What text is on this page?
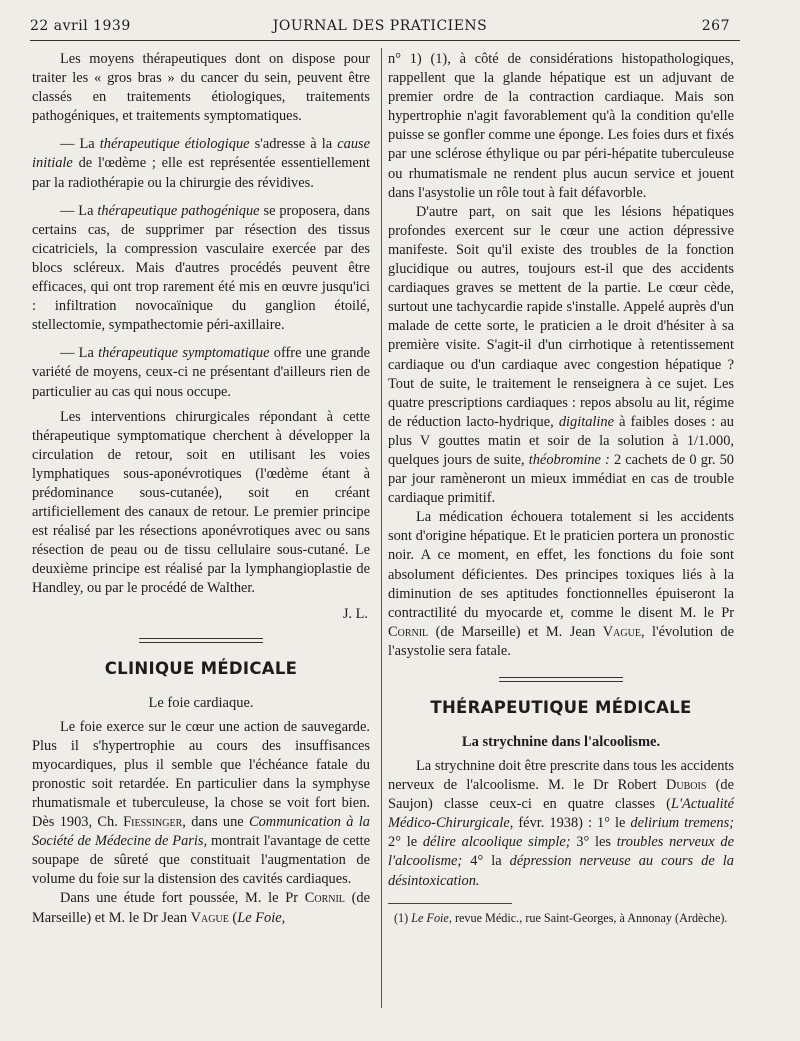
22 avril 1939	JOURNAL DES PRATICIENS	267

Les moyens thérapeutiques dont on dispose pour traiter les « gros bras » du cancer du sein, peuvent être classés en traitements étiologiques, traitements pathogéniques, et traitements symptomatiques.

— La thérapeutique étiologique s'adresse à la cause initiale de l'œdème ; elle est représentée essentiellement par la radiothérapie ou la chirurgie des révidives.

— La thérapeutique pathogénique se proposera, dans certains cas, de supprimer par résection des tissus cicatriciels, la compression vasculaire exercée par des blocs scléreux. Mais d'autres procédés peuvent être efficaces, qui ont trop rarement été mis en œuvre jusqu'ici : infiltration novocaïnique du ganglion étoilé, stellectomie, sympathectomie péri-axillaire.

— La thérapeutique symptomatique offre une grande variété de moyens, ceux-ci ne présentant d'ailleurs rien de particulier au cas qui nous occupe.

Les interventions chirurgicales répondant à cette thérapeutique symptomatique cherchent à développer la circulation de retour, soit en utilisant les voies lymphatiques sous-aponévrotiques (l'œdème étant à prédominance sous-cutanée), soit en créant artificiellement des canaux de retour. Le premier principe est réalisé par les résections aponévrotiques avec ou sans résection de peau ou de tissu cellulaire sous-cutané. Le deuxième principe est réalisé par la lymphangioplastie de Handley, ou par le procédé de Walther.

J. L.

CLINIQUE MÉDICALE
Le foie cardiaque.

Le foie exerce sur le cœur une action de sauvegarde. Plus il s'hypertrophie au cours des insuffisances myocardiques, plus il semble que l'échéance fatale du pronostic soit retardée. En particulier dans la symphyse rhumatismale et tuberculeuse, la chose se voit fort bien. Dès 1903, Ch. Fiessinger, dans une Communication à la Société de Médecine de Paris, montrait l'avantage de cette soupape de sûreté que constituait l'augmentation de volume du foie sur la distension des cavités cardiaques.

Dans une étude fort poussée, M. le Pr Cornil (de Marseille) et M. le Dr Jean Vague (Le Foie,

n° 1) (1), à côté de considérations histopathologiques, rappellent que la glande hépatique est un adjuvant de premier ordre de la contraction cardiaque. Mais son hypertrophie n'agit favorablement qu'à la condition qu'elle puisse se gonfler comme une éponge. Les foies durs et fixés par une sclérose éthylique ou par péri-hépatite tuberculeuse ou rhumatismale ne rendent plus aucun service et jouent dans l'asystolie un rôle tout à fait défavorble.

D'autre part, on sait que les lésions hépatiques profondes exercent sur le cœur une action dépressive manifeste. Soit qu'il existe des troubles de la fonction glucidique ou autres, toujours est-il que des accidents cardiaques graves se mettent de la partie. Le cœur cède, surtout une tachycardie rapide s'installe. Appelé auprès d'un malade de cette sorte, le praticien a le droit d'hésiter à sa première visite. S'agit-il d'un cirrhotique à retentissement cardiaque ou d'un cardiaque avec congestion hépatique ? Tout de suite, le traitement le renseignera à ce sujet. Les quatre prescriptions cardiaques : repos absolu au lit, régime de réduction lacto-hydrique, digitaline à faibles doses : au plus V gouttes matin et soir de la solution à 1/1.000, quelques jours de suite, théobromine : 2 cachets de 0 gr. 50 par jour ramèneront un mieux immédiat en cas de trouble cardiaque primitif.

La médication échouera totalement si les accidents sont d'origine hépatique. Et le praticien portera un pronostic noir. A ce moment, en effet, les fonctions du foie sont absolument déficientes. Des principes toxiques liés à la diminution de ses aptitudes fonctionnelles épuiseront la contractilité du myocarde et, comme le disent M. le Pr Cornil (de Marseille) et M. Jean Vague, l'évolution de l'asystolie sera fatale.

THÉRAPEUTIQUE MÉDICALE
La strychnine dans l'alcoolisme.

La strychnine doit être prescrite dans tous les accidents nerveux de l'alcoolisme. M. le Dr Robert Dubois (de Saujon) classe ceux-ci en quatre classes (L'Actualité Médico-Chirurgicale, févr. 1938) : 1° le delirium tremens; 2° le délire alcoolique simple; 3° les troubles nerveux de l'alcoolisme; 4° la dépression nerveuse au cours de la désintoxication.

(1) Le Foie, revue Médic., rue Saint-Georges, à Annonay (Ardèche).
